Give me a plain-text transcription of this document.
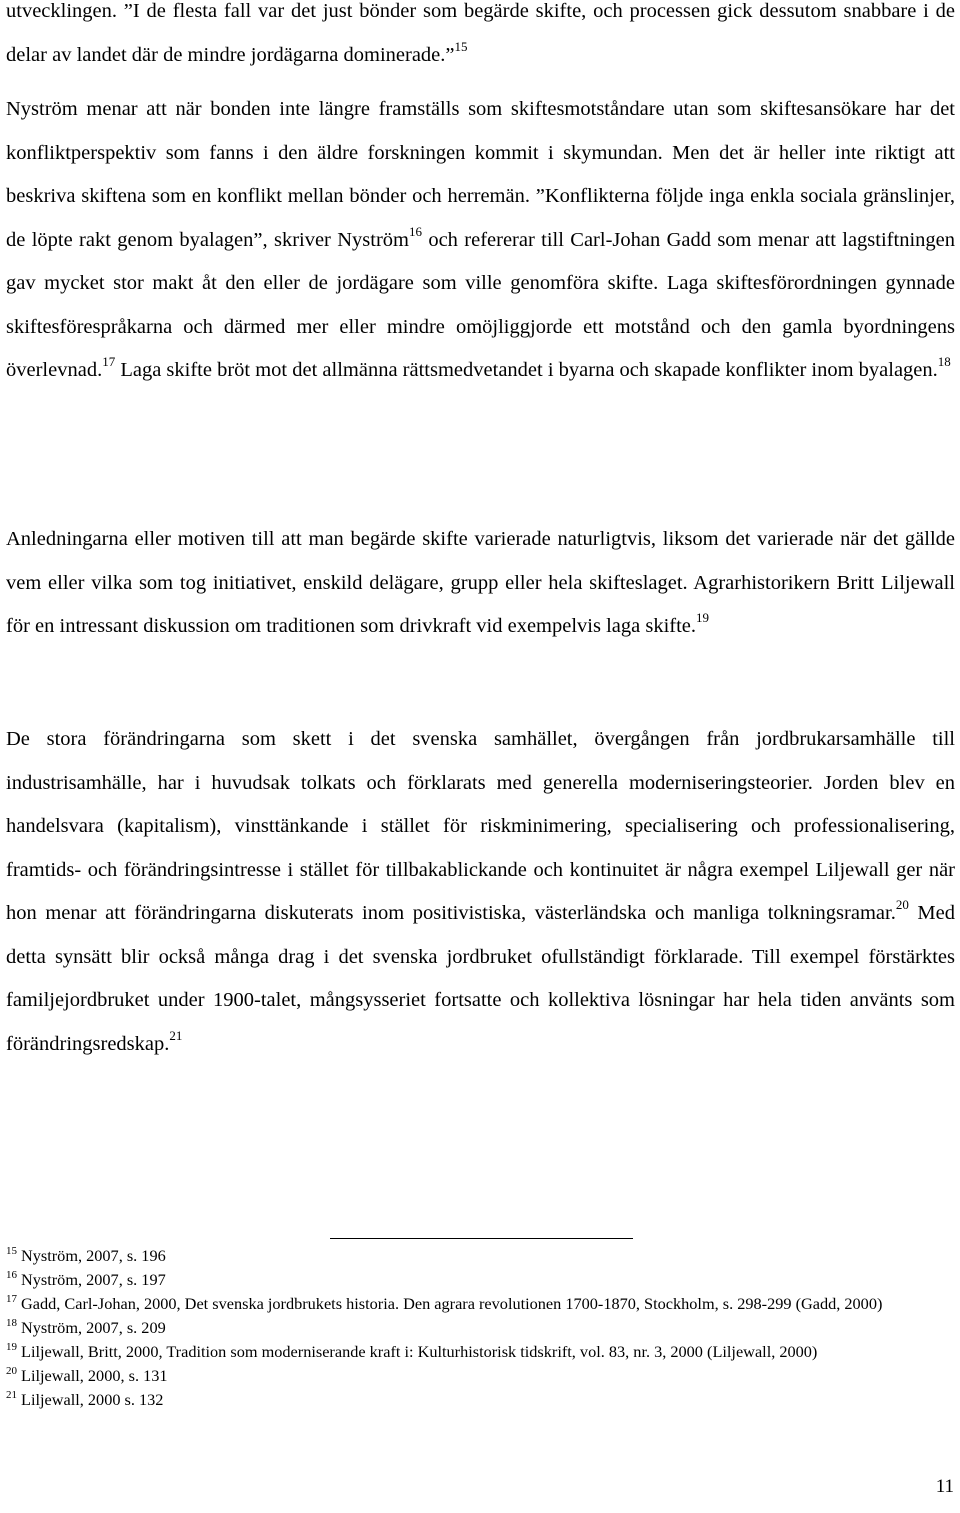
utvecklingen. ”I de flesta fall var det just bönder som begärde skifte, och processen gick dessutom snabbare i de delar av landet där de mindre jordägarna dominerade.”$^{15}$

Nyström menar att när bonden inte längre framställs som skiftesmotståndare utan som skiftesansökare har det konfliktperspektiv som fanns i den äldre forskningen kommit i skymundan. Men det är heller inte riktigt att beskriva skiftena som en konflikt mellan bönder och herremän. ”Konflikterna följde inga enkla sociala gränslinjer, de löpte rakt genom byalagen”, skriver Nyström$^{16}$ och refererar till Carl-Johan Gadd som menar att lagstiftningen gav mycket stor makt åt den eller de jordägare som ville genomföra skifte. Laga skiftesförordningen gynnade skiftesförespråkarna och därmed mer eller mindre omöjliggjorde ett motstånd och den gamla byordningens överlevnad.$^{17}$ Laga skifte bröt mot det allmänna rättsmedvetandet i byarna och skapade konflikter inom byalagen.$^{18}$

Anledningarna eller motiven till att man begärde skifte varierade naturligtvis, liksom det varierade när det gällde vem eller vilka som tog initiativet, enskild delägare, grupp eller hela skifteslaget. Agrarhistorikern Britt Liljewall för en intressant diskussion om traditionen som drivkraft vid exempelvis laga skifte.$^{19}$

De stora förändringarna som skett i det svenska samhället, övergången från jordbrukarsamhälle till industrisamhälle, har i huvudsak tolkats och förklarats med generella moderniseringsteorier. Jorden blev en handelsvara (kapitalism), vinsttänkande i stället för riskminimering, specialisering och professionalisering, framtids- och förändringsintresse i stället för tillbakablickande och kontinuitet är några exempel Liljewall ger när hon menar att förändringarna diskuterats inom positivistiska, västerländska och manliga tolkningsramar.$^{20}$ Med detta synsätt blir också många drag i det svenska jordbruket ofullständigt förklarade. Till exempel förstärktes familjejordbruket under 1900-talet, mångsysseriet fortsatte och kollektiva lösningar har hela tiden använts som förändringsredskap.$^{21}$

$^{15}$ Nyström, 2007, s. 196
$^{16}$ Nyström, 2007, s. 197
$^{17}$ Gadd, Carl-Johan, 2000, Det svenska jordbrukets historia. Den agrara revolutionen 1700-1870, Stockholm, s. 298-299 (Gadd, 2000)
$^{18}$ Nyström, 2007, s. 209
$^{19}$ Liljewall, Britt, 2000, Tradition som moderniserande kraft i: Kulturhistorisk tidskrift, vol. 83, nr. 3, 2000 (Liljewall, 2000)
$^{20}$ Liljewall, 2000, s. 131
$^{21}$ Liljewall, 2000 s. 132
11
